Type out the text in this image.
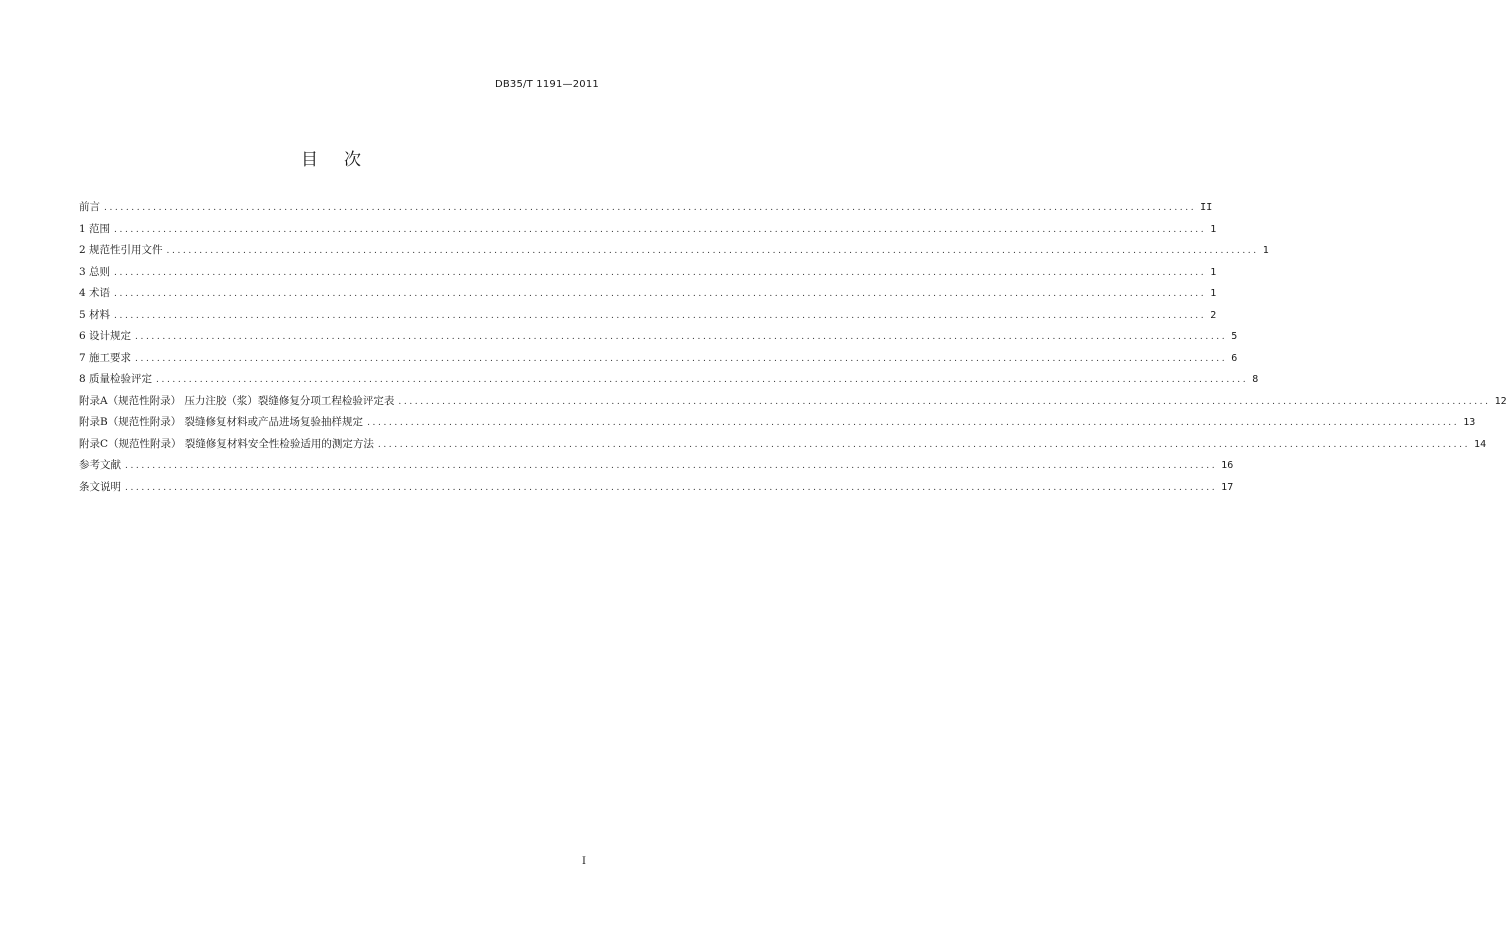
DB35/T 1191—2011
目次
前言 ........................................................................................................................................................................................................ II
1 范围 ........................................................................................................................................................................................................ 1
2 规范性引用文件 ........................................................................................................................................................................................................ 1
3 总则 ........................................................................................................................................................................................................ 1
4 术语 ........................................................................................................................................................................................................ 1
5 材料 ........................................................................................................................................................................................................ 2
6 设计规定 ........................................................................................................................................................................................................ 5
7 施工要求 ........................................................................................................................................................................................................ 6
8 质量检验评定 ........................................................................................................................................................................................................ 8
附录A（规范性附录） 压力注胶（浆）裂缝修复分项工程检验评定表 ........................................................................................................................................................................................................ 12
附录B（规范性附录） 裂缝修复材料或产品进场复验抽样规定 ........................................................................................................................................................................................................ 13
附录C（规范性附录） 裂缝修复材料安全性检验适用的测定方法 ........................................................................................................................................................................................................ 14
参考文献 ........................................................................................................................................................................................................ 16
条文说明 ........................................................................................................................................................................................................ 17
I
